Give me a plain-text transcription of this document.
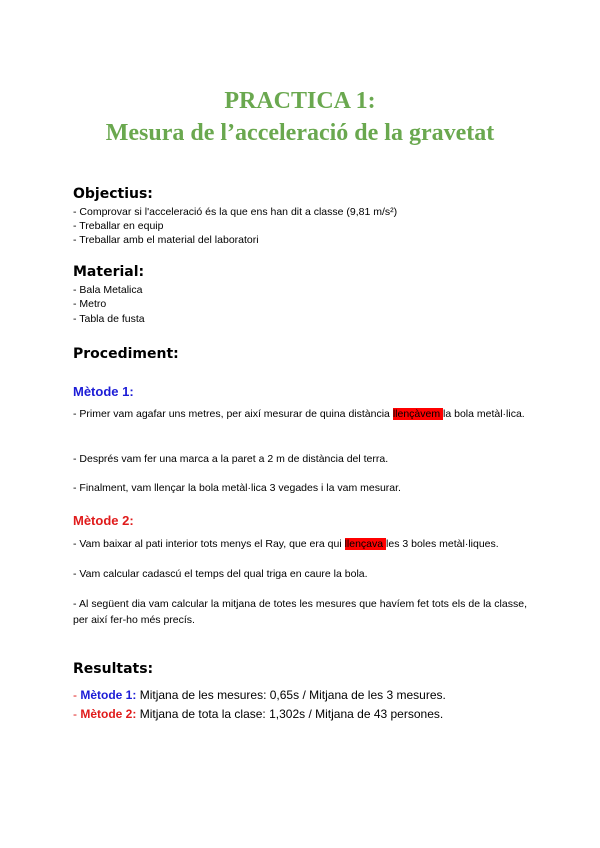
PRACTICA 1:
Mesura de l’acceleració de la gravetat
Objectius:
- Comprovar si l'acceleració és la que ens han dit a classe (9,81 m/s²)
- Treballar en equip
- Treballar amb el material del laboratori
Material:
- Bala Metalica
- Metro
- Tabla de fusta
Procediment:
Mètode 1:
- Primer vam agafar uns metres, per així mesurar de quina distància llençàvem la bola metàl·lica.
- Després vam fer una marca a la paret a 2 m de distància del terra.
- Finalment, vam llençar la bola metàl·lica 3 vegades i la vam mesurar.
Mètode 2:
- Vam baixar al pati interior tots menys el Ray, que era qui llençava les 3 boles metàl·liques.
- Vam calcular cadascú el temps del qual triga en caure la bola.
- Al següent dia vam calcular la mitjana de totes les mesures que havíem fet tots els de la classe, per així fer-ho més precís.
Resultats:
- Mètode 1: Mitjana de les mesures: 0,65s / Mitjana de les 3 mesures.
- Mètode 2: Mitjana de tota la clase: 1,302s / Mitjana de 43 persones.
